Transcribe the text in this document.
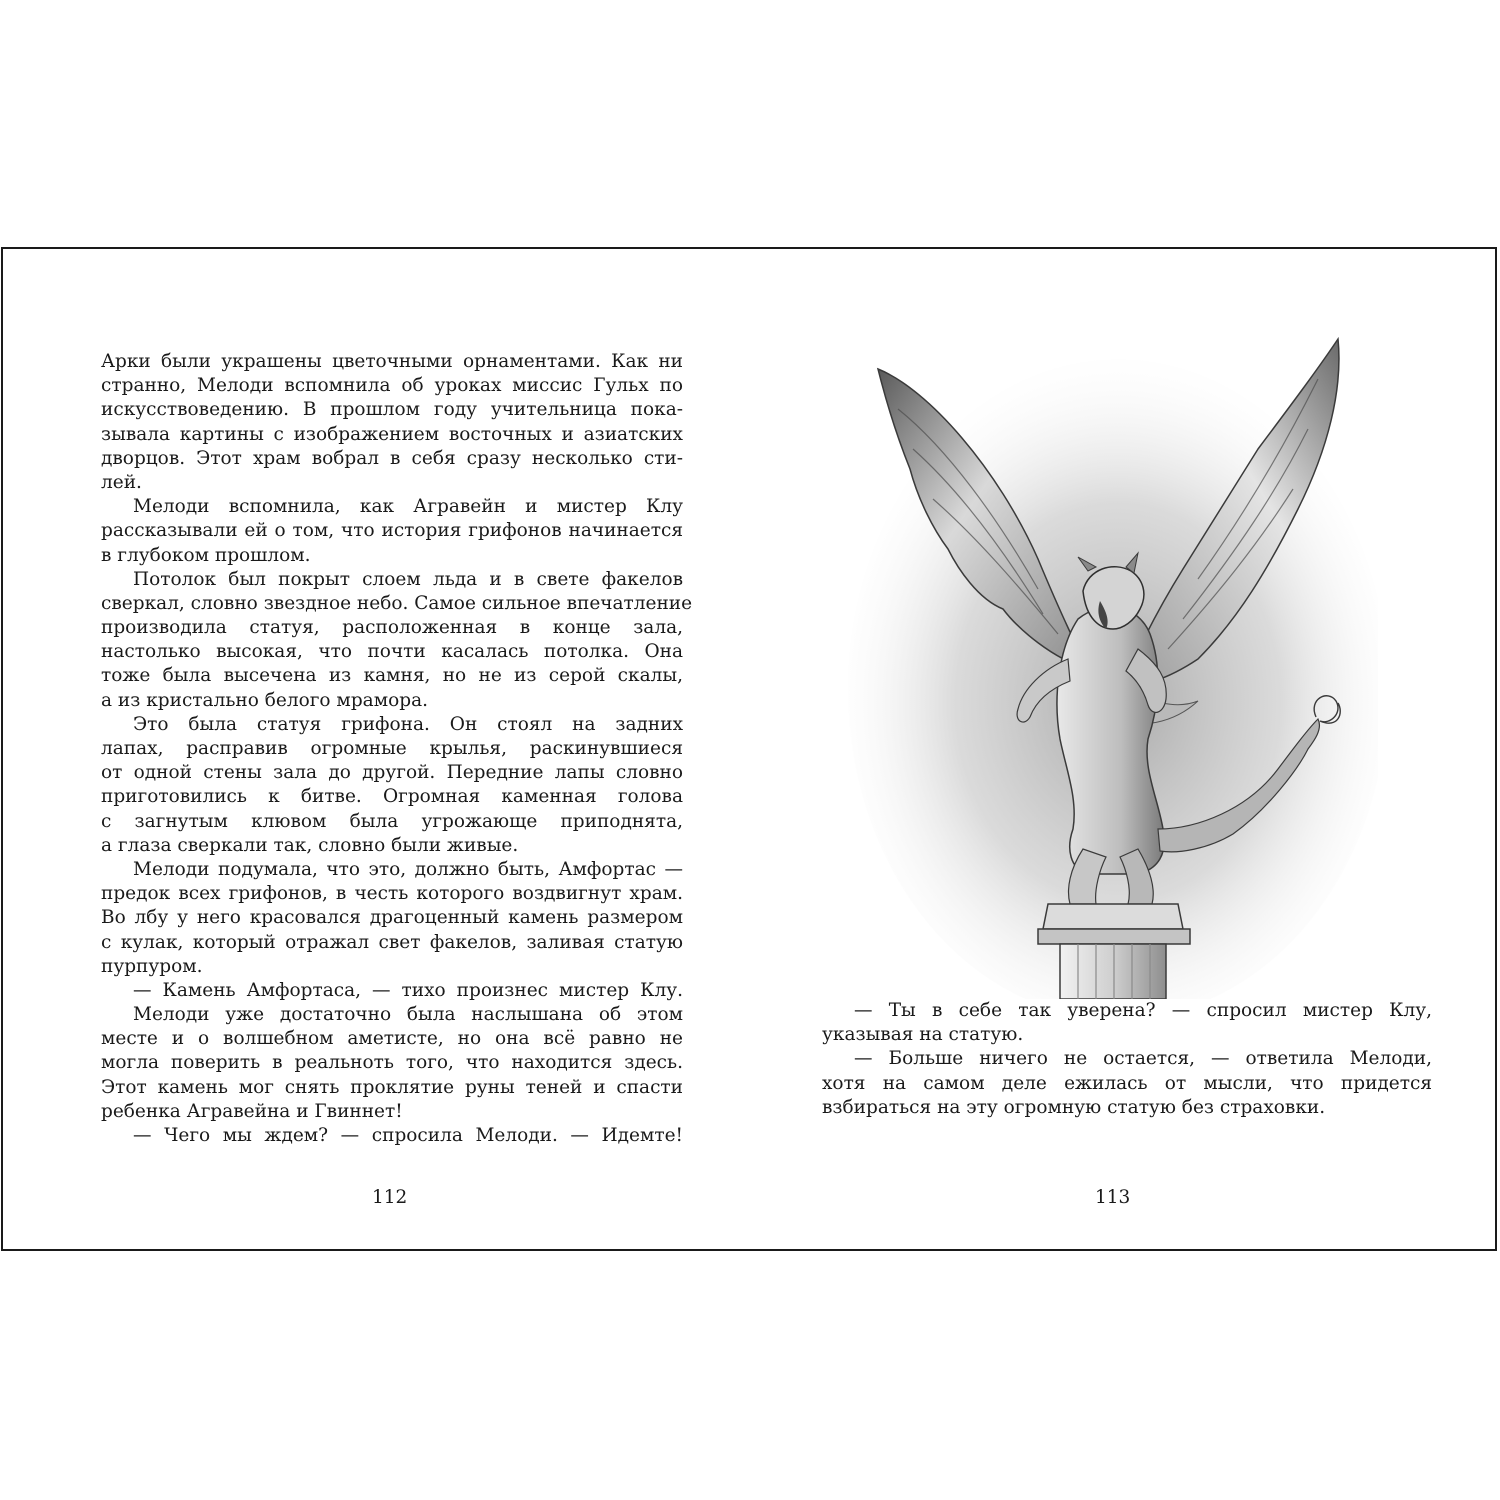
Арки были украшены цветочными орнаментами. Как ни
странно, Мелоди вспомнила об уроках миссис Гульх по
искусствоведению. В прошлом году учительница пока-
зывала картины с изображением восточных и азиатских
дворцов. Этот храм вобрал в себя сразу несколько сти-
лей.
Мелоди вспомнила, как Агравейн и мистер Клу
рассказывали ей о том, что история грифонов начинается
в глубоком прошлом.
Потолок был покрыт слоем льда и в свете факелов
сверкал, словно звездное небо. Самое сильное впечатление
производила статуя, расположенная в конце зала,
настолько высокая, что почти касалась потолка. Она
тоже была высечена из камня, но не из серой скалы,
а из кристально белого мрамора.
Это была статуя грифона. Он стоял на задних
лапах, расправив огромные крылья, раскинувшиеся
от одной стены зала до другой. Передние лапы словно
приготовились к битве. Огромная каменная голова
с загнутым клювом была угрожающе приподнята,
а глаза сверкали так, словно были живые.
Мелоди подумала, что это, должно быть, Амфортас —
предок всех грифонов, в честь которого воздвигнут храм.
Во лбу у него красовался драгоценный камень размером
с кулак, который отражал свет факелов, заливая статую
пурпуром.
— Камень Амфортаса, — тихо произнес мистер Клу.
Мелоди уже достаточно была наслышана об этом
месте и о волшебном аметисте, но она всё равно не
могла поверить в реальноть того, что находится здесь.
Этот камень мог снять проклятие руны теней и спасти
ребенка Агравейна и Гвиннет!
— Чего мы ждем? — спросила Мелоди. — Идемте!
— Ты в себе так уверена? — спросил мистер Клу,
указывая на статую.
— Больше ничего не остается, — ответила Мелоди,
хотя на самом деле ежилась от мысли, что придется
взбираться на эту огромную статую без страховки.
112	113
